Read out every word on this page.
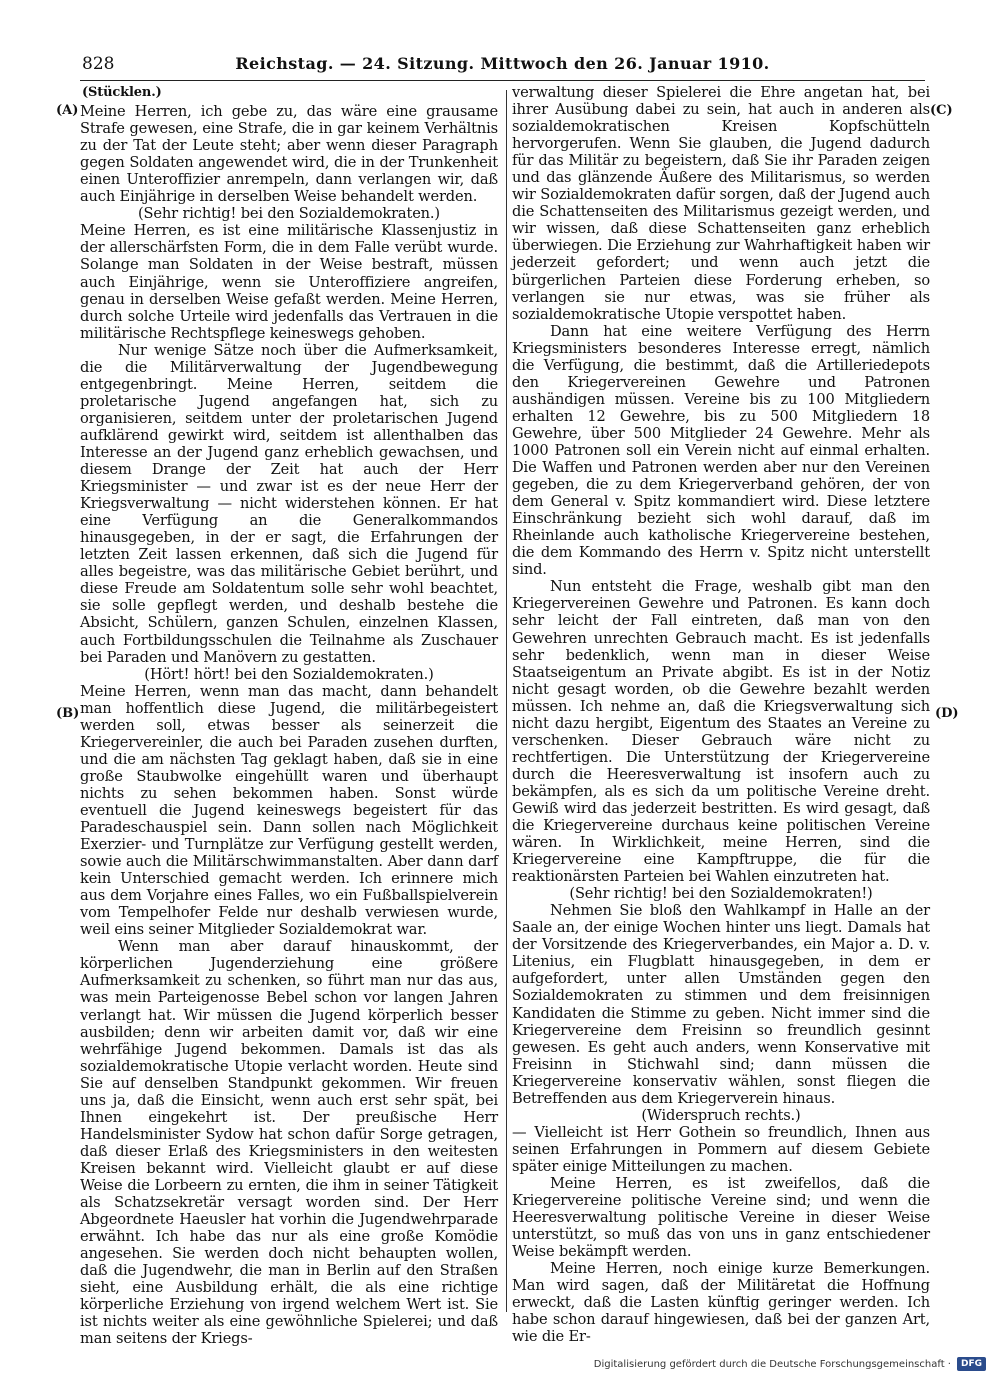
828	Reichstag. — 24. Sitzung. Mittwoch den 26. Januar 1910.
(A)
(B)
(C)
(D)
(Stücklen.)

Meine Herren, ich gebe zu, das wäre eine grausame Strafe gewesen, eine Strafe, die in gar keinem Verhältnis zu der Tat der Leute steht; aber wenn dieser Paragraph gegen Soldaten angewendet wird, die in der Trunkenheit einen Unteroffizier anrempeln, dann verlangen wir, daß auch Einjährige in derselben Weise behandelt werden.

(Sehr richtig! bei den Sozialdemokraten.)

Meine Herren, es ist eine militärische Klassenjustiz in der allerschärfsten Form, die in dem Falle verübt wurde. Solange man Soldaten in der Weise bestraft, müssen auch Einjährige, wenn sie Unteroffiziere angreifen, genau in derselben Weise gefaßt werden. Meine Herren, durch solche Urteile wird jedenfalls das Vertrauen in die militärische Rechtspflege keineswegs gehoben.

Nur wenige Sätze noch über die Aufmerksamkeit, die die Militärverwaltung der Jugendbewegung entgegenbringt. Meine Herren, seitdem die proletarische Jugend angefangen hat, sich zu organisieren, seitdem unter der proletarischen Jugend aufklärend gewirkt wird, seitdem ist allenthalben das Interesse an der Jugend ganz erheblich gewachsen, und diesem Drange der Zeit hat auch der Herr Kriegsminister — und zwar ist es der neue Herr der Kriegsverwaltung — nicht widerstehen können. Er hat eine Verfügung an die Generalkommandos hinausgegeben, in der er sagt, die Erfahrungen der letzten Zeit lassen erkennen, daß sich die Jugend für alles begeistre, was das militärische Gebiet berührt, und diese Freude am Soldatentum solle sehr wohl beachtet, sie solle gepflegt werden, und deshalb bestehe die Absicht, Schülern, ganzen Schulen, einzelnen Klassen, auch Fortbildungsschulen die Teilnahme als Zuschauer bei Paraden und Manövern zu gestatten.

(Hört! hört! bei den Sozialdemokraten.)

Meine Herren, wenn man das macht, dann behandelt man hoffentlich diese Jugend, die militärbegeistert werden soll, etwas besser als seinerzeit die Kriegervereinler, die auch bei Paraden zusehen durften, und die am nächsten Tag geklagt haben, daß sie in eine große Staubwolke eingehüllt waren und überhaupt nichts zu sehen bekommen haben. Sonst würde eventuell die Jugend keineswegs begeistert für das Paradeschauspiel sein. Dann sollen nach Möglichkeit Exerzier- und Turnplätze zur Verfügung gestellt werden, sowie auch die Militärschwimmanstalten. Aber dann darf kein Unterschied gemacht werden. Ich erinnere mich aus dem Vorjahre eines Falles, wo ein Fußballspielverein vom Tempelhofer Felde nur deshalb verwiesen wurde, weil eins seiner Mitglieder Sozialdemokrat war.

Wenn man aber darauf hinauskommt, der körperlichen Jugenderziehung eine größere Aufmerksamkeit zu schenken, so führt man nur das aus, was mein Parteigenosse Bebel schon vor langen Jahren verlangt hat. Wir müssen die Jugend körperlich besser ausbilden; denn wir arbeiten damit vor, daß wir eine wehrfähige Jugend bekommen. Damals ist das als sozialdemokratische Utopie verlacht worden. Heute sind Sie auf denselben Standpunkt gekommen. Wir freuen uns ja, daß die Einsicht, wenn auch erst sehr spät, bei Ihnen eingekehrt ist. Der preußische Herr Handelsminister Sydow hat schon dafür Sorge getragen, daß dieser Erlaß des Kriegsministers in den weitesten Kreisen bekannt wird. Vielleicht glaubt er auf diese Weise die Lorbeern zu ernten, die ihm in seiner Tätigkeit als Schatzsekretär versagt worden sind. Der Herr Abgeordnete Haeusler hat vorhin die Jugendwehrparade erwähnt. Ich habe das nur als eine große Komödie angesehen. Sie werden doch nicht behaupten wollen, daß die Jugendwehr, die man in Berlin auf den Straßen sieht, eine Ausbildung erhält, die als eine richtige körperliche Erziehung von irgend welchem Wert ist. Sie ist nichts weiter als eine gewöhnliche Spielerei; und daß man seitens der Kriegs-

verwaltung dieser Spielerei die Ehre angetan hat, bei ihrer Ausübung dabei zu sein, hat auch in anderen als sozialdemokratischen Kreisen Kopfschütteln hervorgerufen. Wenn Sie glauben, die Jugend dadurch für das Militär zu begeistern, daß Sie ihr Paraden zeigen und das glänzende Äußere des Militarismus, so werden wir Sozialdemokraten dafür sorgen, daß der Jugend auch die Schattenseiten des Militarismus gezeigt werden, und wir wissen, daß diese Schattenseiten ganz erheblich überwiegen. Die Erziehung zur Wahrhaftigkeit haben wir jederzeit gefordert; und wenn auch jetzt die bürgerlichen Parteien diese Forderung erheben, so verlangen sie nur etwas, was sie früher als sozialdemokratische Utopie verspottet haben.

Dann hat eine weitere Verfügung des Herrn Kriegsministers besonderes Interesse erregt, nämlich die Verfügung, die bestimmt, daß die Artilleriedepots den Kriegervereinen Gewehre und Patronen aushändigen müssen. Vereine bis zu 100 Mitgliedern erhalten 12 Gewehre, bis zu 500 Mitgliedern 18 Gewehre, über 500 Mitglieder 24 Gewehre. Mehr als 1000 Patronen soll ein Verein nicht auf einmal erhalten. Die Waffen und Patronen werden aber nur den Vereinen gegeben, die zu dem Kriegerverband gehören, der von dem General v. Spitz kommandiert wird. Diese letztere Einschränkung bezieht sich wohl darauf, daß im Rheinlande auch katholische Kriegervereine bestehen, die dem Kommando des Herrn v. Spitz nicht unterstellt sind.

Nun entsteht die Frage, weshalb gibt man den Kriegervereinen Gewehre und Patronen. Es kann doch sehr leicht der Fall eintreten, daß man von den Gewehren unrechten Gebrauch macht. Es ist jedenfalls sehr bedenklich, wenn man in dieser Weise Staatseigentum an Private abgibt. Es ist in der Notiz nicht gesagt worden, ob die Gewehre bezahlt werden müssen. Ich nehme an, daß die Kriegsverwaltung sich nicht dazu hergibt, Eigentum des Staates an Vereine zu verschenken. Dieser Gebrauch wäre nicht zu rechtfertigen. Die Unterstützung der Kriegervereine durch die Heeresverwaltung ist insofern auch zu bekämpfen, als es sich da um politische Vereine dreht. Gewiß wird das jederzeit bestritten. Es wird gesagt, daß die Kriegervereine durchaus keine politischen Vereine wären. In Wirklichkeit, meine Herren, sind die Kriegervereine eine Kampftruppe, die für die reaktionärsten Parteien bei Wahlen einzutreten hat.

(Sehr richtig! bei den Sozialdemokraten!)

Nehmen Sie bloß den Wahlkampf in Halle an der Saale an, der einige Wochen hinter uns liegt. Damals hat der Vorsitzende des Kriegerverbandes, ein Major a. D. v. Litenius, ein Flugblatt hinausgegeben, in dem er aufgefordert, unter allen Umständen gegen den Sozialdemokraten zu stimmen und dem freisinnigen Kandidaten die Stimme zu geben. Nicht immer sind die Kriegervereine dem Freisinn so freundlich gesinnt gewesen. Es geht auch anders, wenn Konservative mit Freisinn in Stichwahl sind; dann müssen die Kriegervereine konservativ wählen, sonst fliegen die Betreffenden aus dem Kriegerverein hinaus.

(Widerspruch rechts.)

— Vielleicht ist Herr Gothein so freundlich, Ihnen aus seinen Erfahrungen in Pommern auf diesem Gebiete später einige Mitteilungen zu machen.

Meine Herren, es ist zweifellos, daß die Kriegervereine politische Vereine sind; und wenn die Heeresverwaltung politische Vereine in dieser Weise unterstützt, so muß das von uns in ganz entschiedener Weise bekämpft werden.

Meine Herren, noch einige kurze Bemerkungen. Man wird sagen, daß der Militäretat die Hoffnung erweckt, daß die Lasten künftig geringer werden. Ich habe schon darauf hingewiesen, daß bei der ganzen Art, wie die Er-

Digitalisierung gefördert durch die Deutsche Forschungsgemeinschaft ·	DFG
